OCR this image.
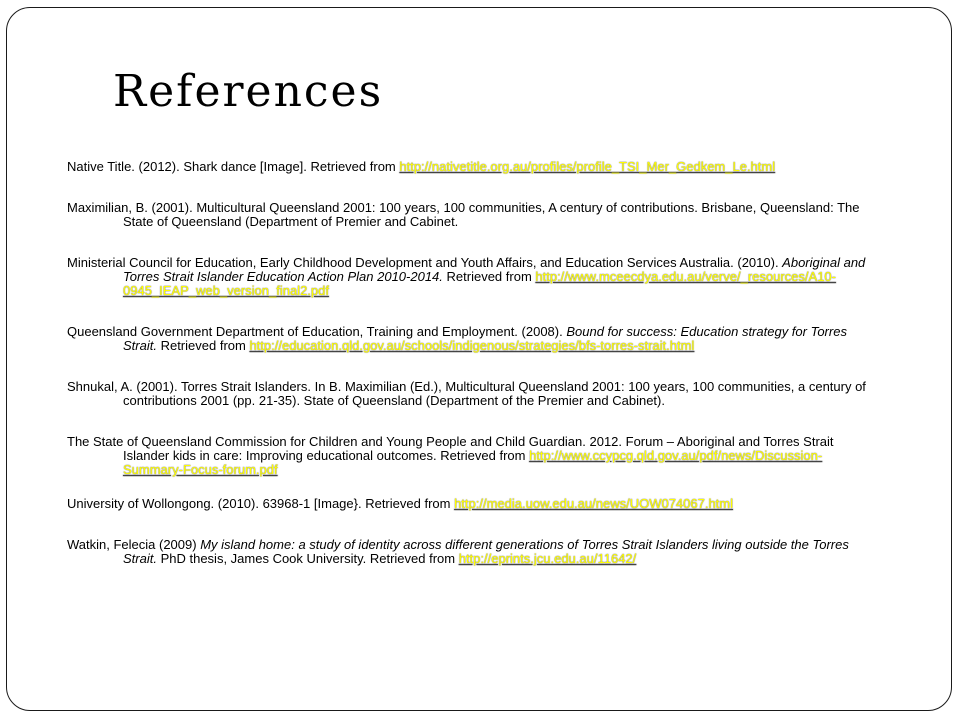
References
Native Title. (2012). Shark dance [Image]. Retrieved from http://nativetitle.org.au/profiles/profile_TSI_Mer_Gedkem_Le.html
Maximilian, B. (2001). Multicultural Queensland 2001: 100 years, 100 communities, A century of contributions. Brisbane, Queensland: The State of Queensland (Department of Premier and Cabinet.
Ministerial Council for Education, Early Childhood Development and Youth Affairs, and Education Services Australia. (2010). Aboriginal and Torres Strait Islander Education Action Plan 2010-2014. Retrieved from http://www.mceecdya.edu.au/verve/_resources/A10-0945_IEAP_web_version_final2.pdf
Queensland Government Department of Education, Training and Employment. (2008). Bound for success: Education strategy for Torres Strait. Retrieved from http://education.qld.gov.au/schools/indigenous/strategies/bfs-torres-strait.html
Shnukal, A. (2001). Torres Strait Islanders. In B. Maximilian (Ed.), Multicultural Queensland 2001: 100 years, 100 communities, a century of contributions 2001 (pp. 21-35). State of Queensland (Department of the Premier and Cabinet).
The State of Queensland Commission for Children and Young People and Child Guardian. 2012. Forum – Aboriginal and Torres Strait Islander kids in care: Improving educational outcomes. Retrieved from http://www.ccypcg.qld.gov.au/pdf/news/Discussion-Summary-Focus-forum.pdf
University of Wollongong. (2010). 63968-1 [Image}. Retrieved from http://media.uow.edu.au/news/UOW074067.html
Watkin, Felecia (2009) My island home: a study of identity across different generations of Torres Strait Islanders living outside the Torres Strait. PhD thesis, James Cook University. Retrieved from http://eprints.jcu.edu.au/11642/
